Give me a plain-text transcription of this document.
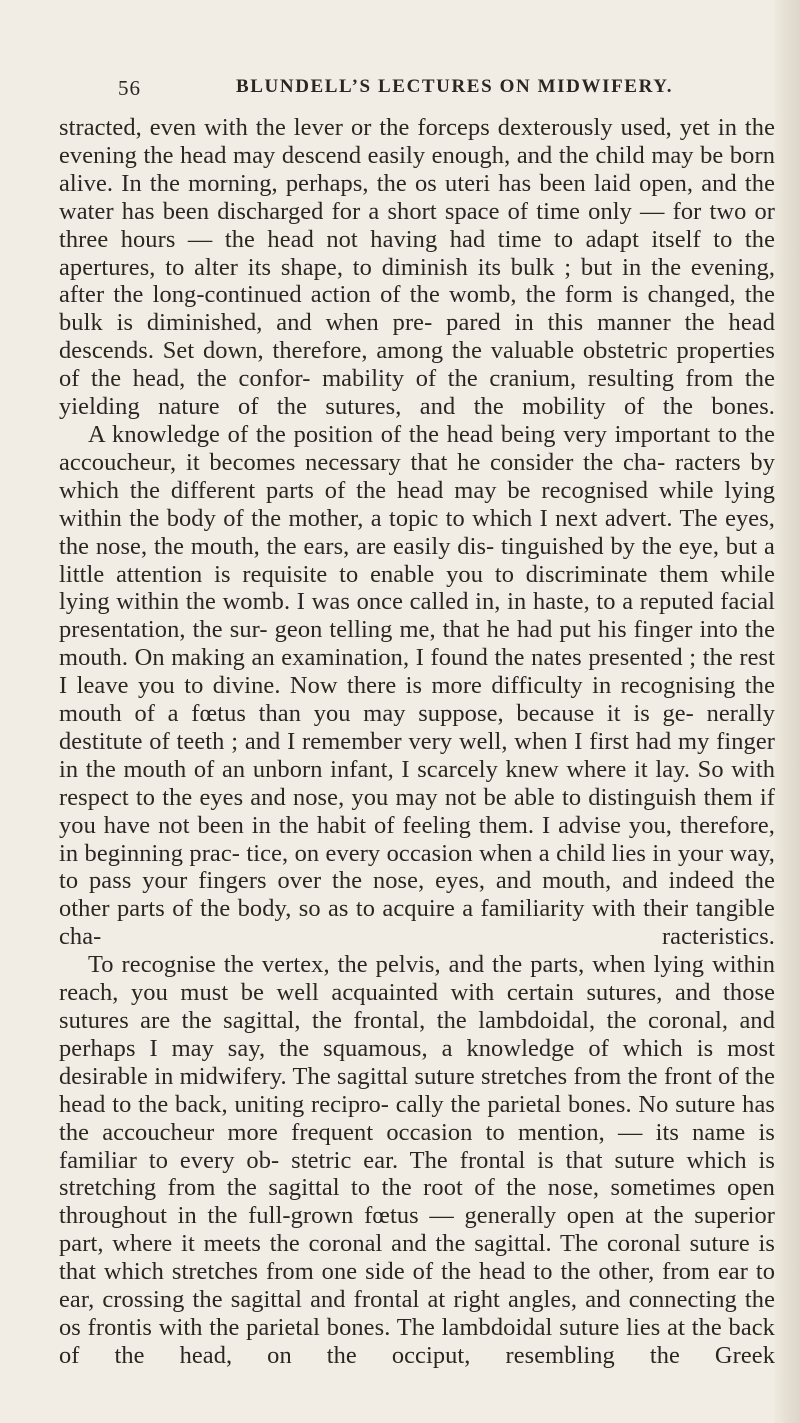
56	BLUNDELL’S LECTURES ON MIDWIFERY.

stracted, even with the lever or the forceps dexterously used, yet in the evening the head may descend easily enough, and the child may be born alive. In the morning, perhaps, the os uteri has been laid open, and the water has been discharged for a short space of time only — for two or three hours — the head not having had time to adapt itself to the apertures, to alter its shape, to diminish its bulk ; but in the evening, after the long-continued action of the womb, the form is changed, the bulk is diminished, and when pre- pared in this manner the head descends. Set down, therefore, among the valuable obstetric properties of the head, the confor- mability of the cranium, resulting from the yielding nature of the sutures, and the mobility of the bones.

A knowledge of the position of the head being very important to the accoucheur, it becomes necessary that he consider the cha- racters by which the different parts of the head may be recognised while lying within the body of the mother, a topic to which I next advert. The eyes, the nose, the mouth, the ears, are easily dis- tinguished by the eye, but a little attention is requisite to enable you to discriminate them while lying within the womb. I was once called in, in haste, to a reputed facial presentation, the sur- geon telling me, that he had put his finger into the mouth. On making an examination, I found the nates presented ; the rest I leave you to divine. Now there is more difficulty in recognising the mouth of a fœtus than you may suppose, because it is ge- nerally destitute of teeth ; and I remember very well, when I first had my finger in the mouth of an unborn infant, I scarcely knew where it lay. So with respect to the eyes and nose, you may not be able to distinguish them if you have not been in the habit of feeling them. I advise you, therefore, in beginning prac- tice, on every occasion when a child lies in your way, to pass your fingers over the nose, eyes, and mouth, and indeed the other parts of the body, so as to acquire a familiarity with their tangible cha-	racteristics.

To recognise the vertex, the pelvis, and the parts, when lying within reach, you must be well acquainted with certain sutures, and those sutures are the sagittal, the frontal, the lambdoidal, the coronal, and perhaps I may say, the squamous, a knowledge of which is most desirable in midwifery. The sagittal suture stretches from the front of the head to the back, uniting recipro- cally the parietal bones. No suture has the accoucheur more frequent occasion to mention, — its name is familiar to every ob- stetric ear. The frontal is that suture which is stretching from the sagittal to the root of the nose, sometimes open throughout in the full-grown fœtus — generally open at the superior part, where it meets the coronal and the sagittal. The coronal suture is that which stretches from one side of the head to the other, from ear to ear, crossing the sagittal and frontal at right angles, and connecting the os frontis with the parietal bones. The lambdoidal suture lies at the back of the head, on the occiput, resembling the Greek
